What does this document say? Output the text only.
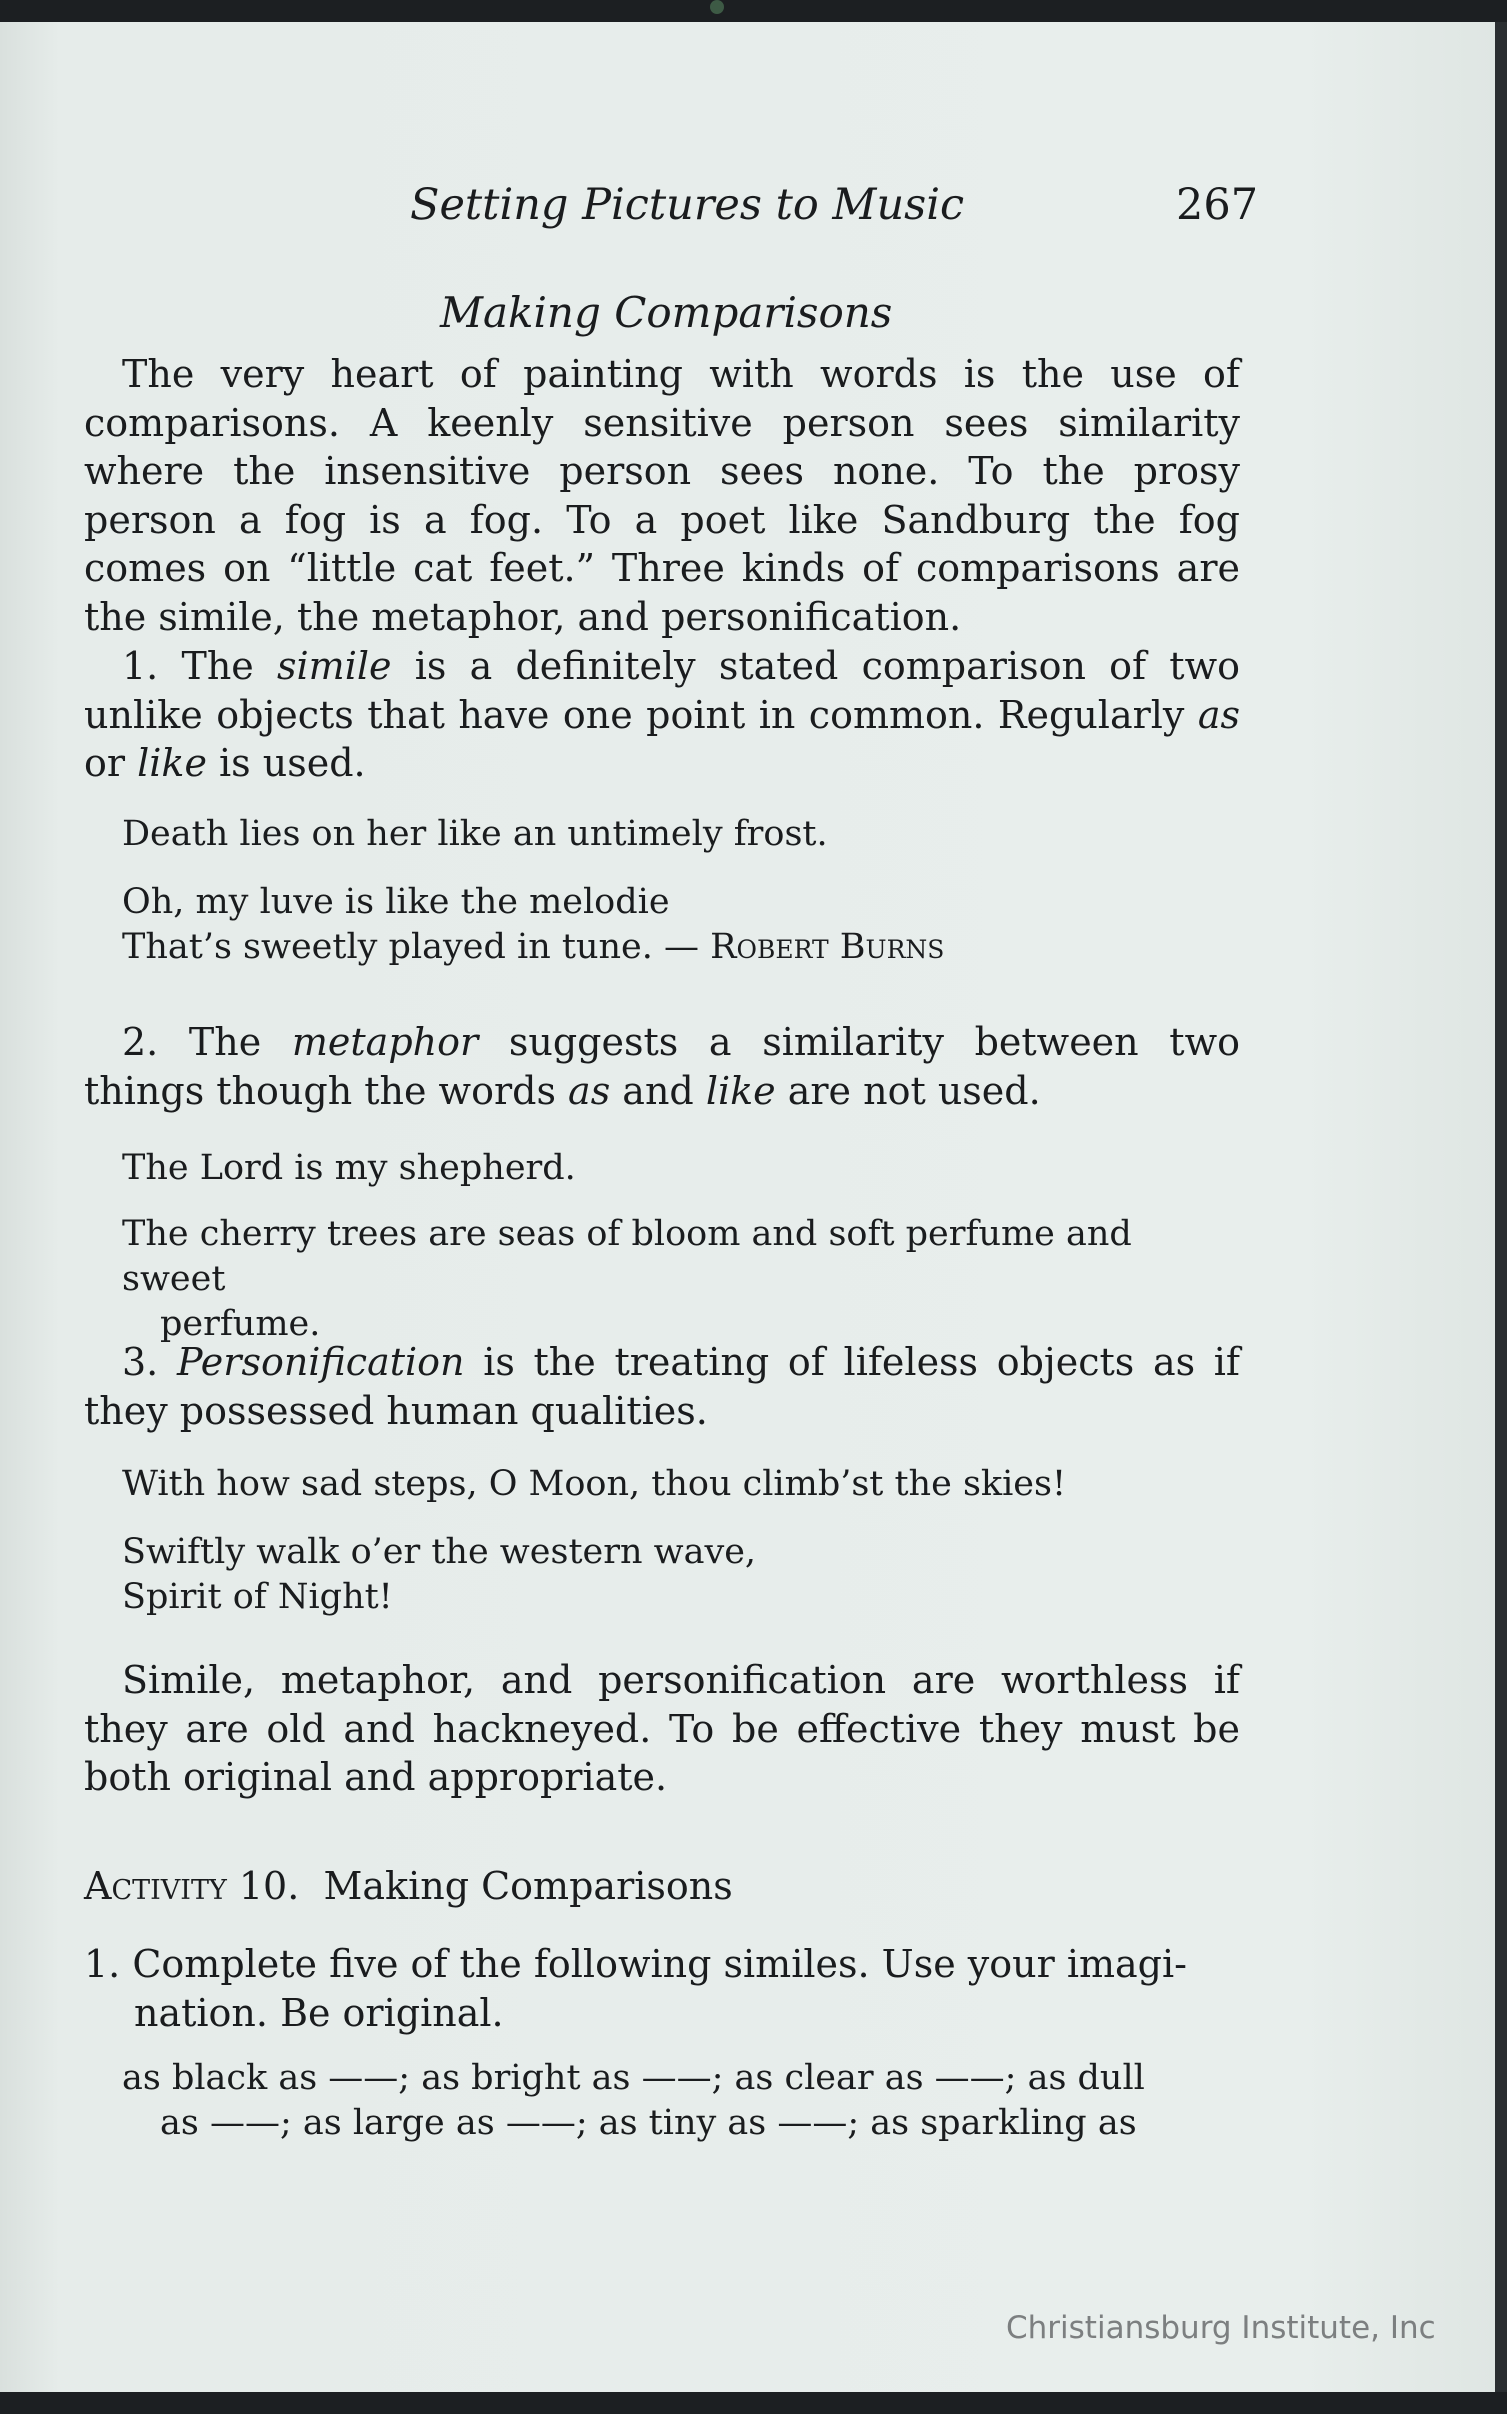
Setting Pictures to Music	267
Making Comparisons

The very heart of painting with words is the use of comparisons. A keenly sensitive person sees similarity where the insensitive person sees none. To the prosy person a fog is a fog. To a poet like Sandburg the fog comes on “little cat feet.” Three kinds of comparisons are the simile, the metaphor, and personification.

1. The simile is a definitely stated comparison of two unlike objects that have one point in common. Regularly as or like is used.

Death lies on her like an untimely frost.

Oh, my luve is like the melodie
That’s sweetly played in tune. — Robert Burns

2. The metaphor suggests a similarity between two things though the words as and like are not used.

The Lord is my shepherd.

The cherry trees are seas of bloom and soft perfume and sweet
perfume.

3. Personification is the treating of lifeless objects as if they possessed human qualities.

With how sad steps, O Moon, thou climb’st the skies!

Swiftly walk o’er the western wave,
Spirit of Night!

Simile, metaphor, and personification are worthless if they are old and hackneyed. To be effective they must be both original and appropriate.

Activity 10. Making Comparisons

1. Complete five of the following similes. Use your imagi-
nation. Be original.

as black as ——; as bright as ——; as clear as ——; as dull
as ——; as large as ——; as tiny as ——; as sparkling as

Christiansburg Institute, Inc
